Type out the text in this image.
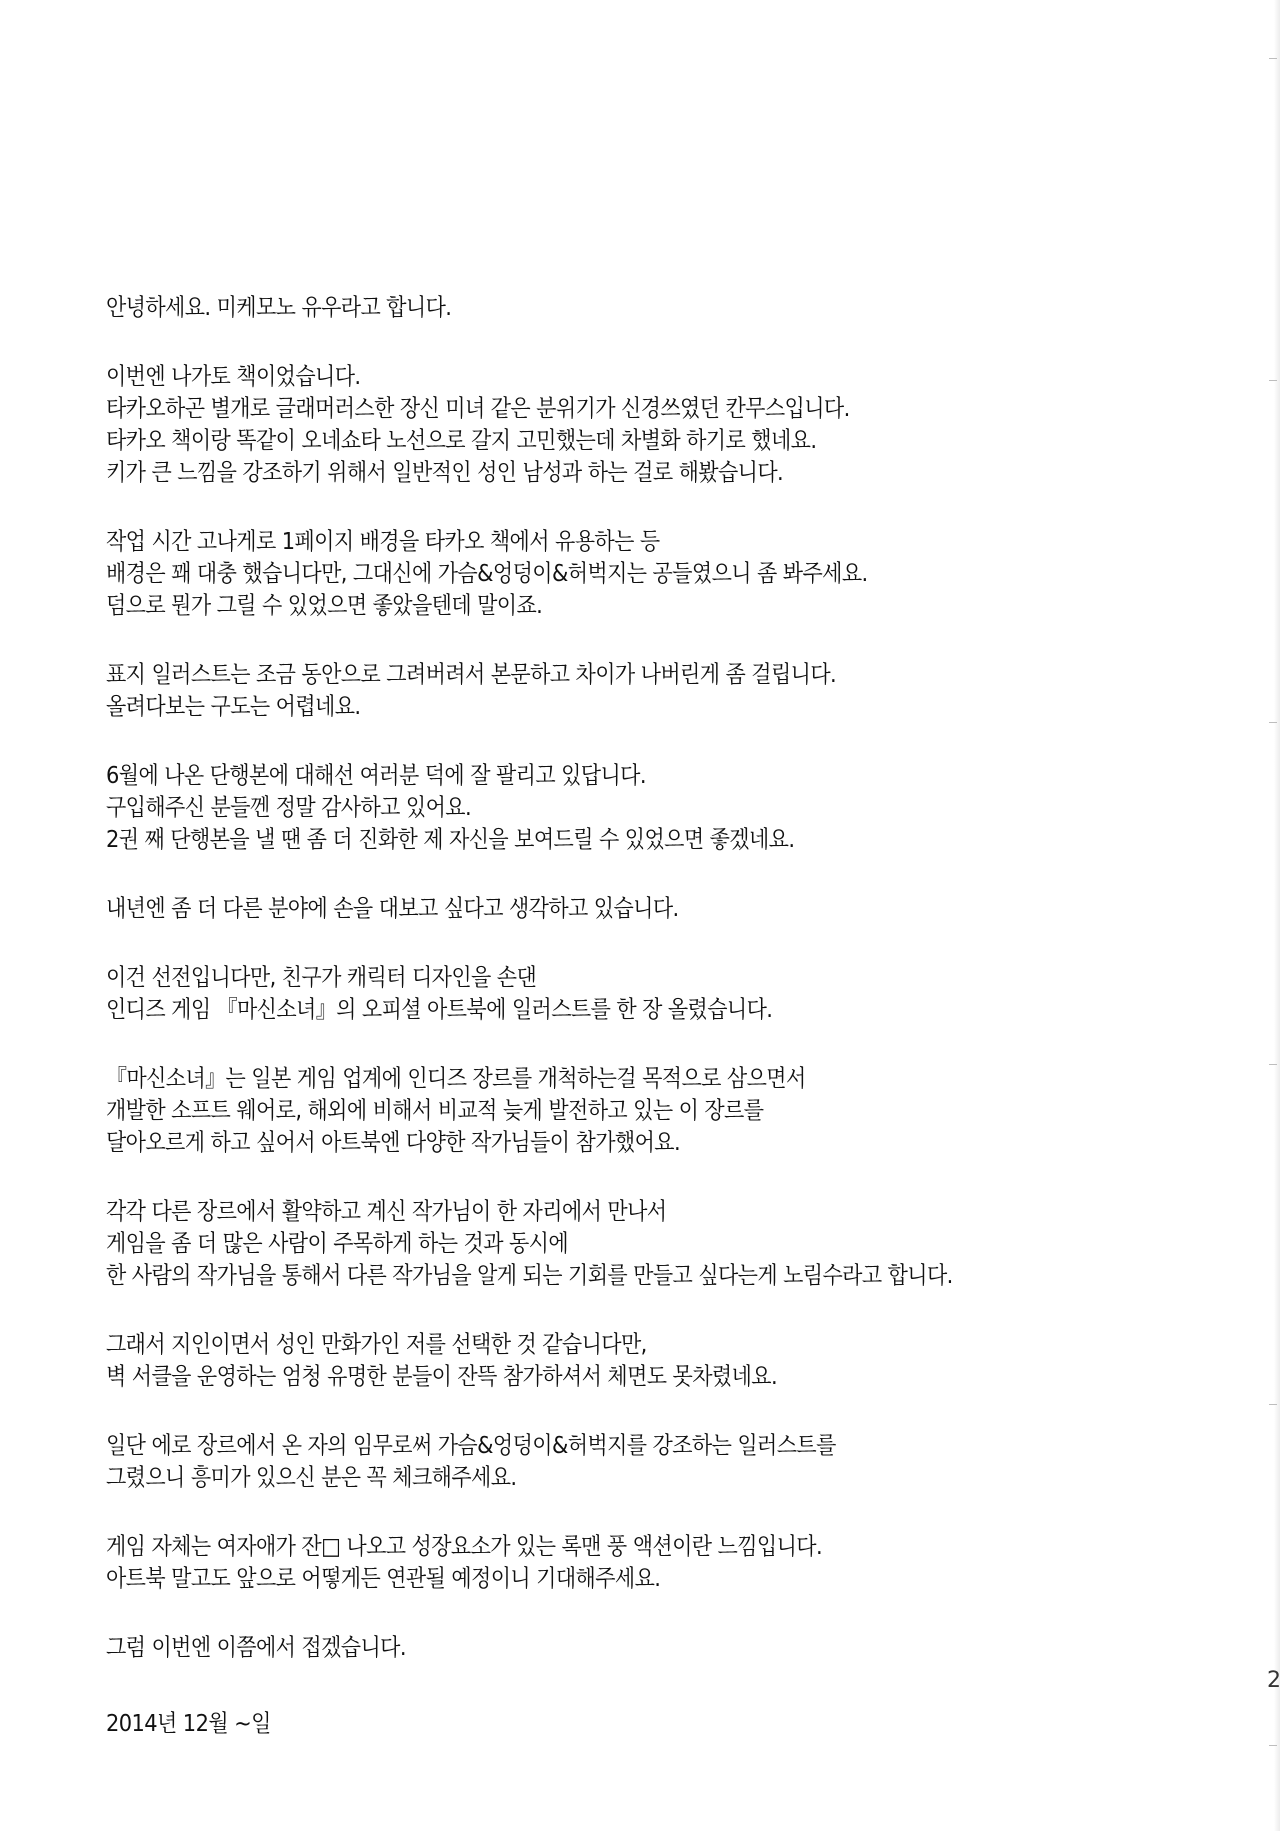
안녕하세요. 미케모노 유우라고 합니다.
이번엔 나가토 책이었습니다.
타카오하곤 별개로 글래머러스한 장신 미녀 같은 분위기가 신경쓰였던 칸무스입니다.
타카오 책이랑 똑같이 오네쇼타 노선으로 갈지 고민했는데 차별화 하기로 했네요.
키가 큰 느낌을 강조하기 위해서 일반적인 성인 남성과 하는 걸로 해봤습니다.
작업 시간 고나게로 1페이지 배경을 타카오 책에서 유용하는 등
배경은 꽤 대충 했습니다만, 그대신에 가슴&엉덩이&허벅지는 공들였으니 좀 봐주세요.
덤으로 뭔가 그릴 수 있었으면 좋았을텐데 말이죠.
표지 일러스트는 조금 동안으로 그려버려서 본문하고 차이가 나버린게 좀 걸립니다.
올려다보는 구도는 어렵네요.
6월에 나온 단행본에 대해선 여러분 덕에 잘 팔리고 있답니다.
구입해주신 분들껜 정말 감사하고 있어요.
2권 째 단행본을 낼 땐 좀 더 진화한 제 자신을 보여드릴 수 있었으면 좋겠네요.
내년엔 좀 더 다른 분야에 손을 대보고 싶다고 생각하고 있습니다.
이건 선전입니다만, 친구가 캐릭터 디자인을 손댄
인디즈 게임 『마신소녀』의 오피셜 아트북에 일러스트를 한 장 올렸습니다.
『마신소녀』는 일본 게임 업계에 인디즈 장르를 개척하는걸 목적으로 삼으면서
개발한 소프트 웨어로, 해외에 비해서 비교적 늦게 발전하고 있는 이 장르를
달아오르게 하고 싶어서 아트북엔 다양한 작가님들이 참가했어요.
각각 다른 장르에서 활약하고 계신 작가님이 한 자리에서 만나서
게임을 좀 더 많은 사람이 주목하게 하는 것과 동시에
한 사람의 작가님을 통해서 다른 작가님을 알게 되는 기회를 만들고 싶다는게 노림수라고 합니다.
그래서 지인이면서 성인 만화가인 저를 선택한 것 같습니다만,
벽 서클을 운영하는 엄청 유명한 분들이 잔뜩 참가하셔서 체면도 못차렸네요.
일단 에로 장르에서 온 자의 임무로써 가슴&엉덩이&허벅지를 강조하는 일러스트를
그렸으니 흥미가 있으신 분은 꼭 체크해주세요.
게임 자체는 여자애가 잔□ 나오고 성장요소가 있는 록맨 풍 액션이란 느낌입니다.
아트북 말고도 앞으로 어떻게든 연관될 예정이니 기대해주세요.
그럼 이번엔 이쯤에서 접겠습니다.
2014년 12월 ~일
2
